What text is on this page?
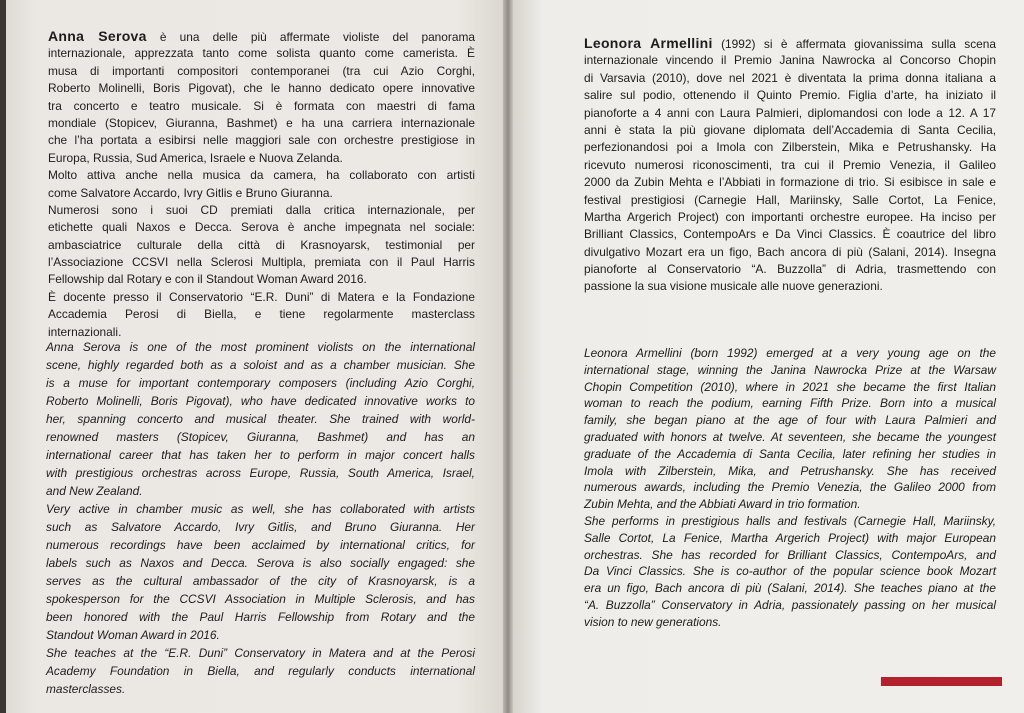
Anna Serova è una delle più affermate violiste del panorama
internazionale, apprezzata tanto come solista quanto come camerista. È
musa di importanti compositori contemporanei (tra cui Azio Corghi,
Roberto Molinelli, Boris Pigovat), che le hanno dedicato opere innovative
tra concerto e teatro musicale. Si è formata con maestri di fama
mondiale (Stopicev, Giuranna, Bashmet) e ha una carriera internazionale
che l’ha portata a esibirsi nelle maggiori sale con orchestre prestigiose in
Europa, Russia, Sud America, Israele e Nuova Zelanda.
Molto attiva anche nella musica da camera, ha collaborato con artisti
come Salvatore Accardo, Ivry Gitlis e Bruno Giuranna.
Numerosi sono i suoi CD premiati dalla critica internazionale, per
etichette quali Naxos e Decca. Serova è anche impegnata nel sociale:
ambasciatrice culturale della città di Krasnoyarsk, testimonial per
l’Associazione CCSVI nella Sclerosi Multipla, premiata con il Paul Harris
Fellowship dal Rotary e con il Standout Woman Award 2016.
È docente presso il Conservatorio “E.R. Duni” di Matera e la Fondazione
Accademia Perosi di Biella, e tiene regolarmente masterclass
internazionali.
Anna Serova is one of the most prominent violists on the international
scene, highly regarded both as a soloist and as a chamber musician. She
is a muse for important contemporary composers (including Azio Corghi,
Roberto Molinelli, Boris Pigovat), who have dedicated innovative works to
her, spanning concerto and musical theater. She trained with world-
renowned masters (Stopicev, Giuranna, Bashmet) and has an
international career that has taken her to perform in major concert halls
with prestigious orchestras across Europe, Russia, South America, Israel,
and New Zealand.
Very active in chamber music as well, she has collaborated with artists
such as Salvatore Accardo, Ivry Gitlis, and Bruno Giuranna. Her
numerous recordings have been acclaimed by international critics, for
labels such as Naxos and Decca. Serova is also socially engaged: she
serves as the cultural ambassador of the city of Krasnoyarsk, is a
spokesperson for the CCSVI Association in Multiple Sclerosis, and has
been honored with the Paul Harris Fellowship from Rotary and the
Standout Woman Award in 2016.
She teaches at the “E.R. Duni” Conservatory in Matera and at the Perosi
Academy Foundation in Biella, and regularly conducts international
masterclasses.
Leonora Armellini (1992) si è affermata giovanissima sulla scena
internazionale vincendo il Premio Janina Nawrocka al Concorso Chopin
di Varsavia (2010), dove nel 2021 è diventata la prima donna italiana a
salire sul podio, ottenendo il Quinto Premio. Figlia d’arte, ha iniziato il
pianoforte a 4 anni con Laura Palmieri, diplomandosi con lode a 12. A 17
anni è stata la più giovane diplomata dell’Accademia di Santa Cecilia,
perfezionandosi poi a Imola con Zilberstein, Mika e Petrushansky. Ha
ricevuto numerosi riconoscimenti, tra cui il Premio Venezia, il Galileo
2000 da Zubin Mehta e l’Abbiati in formazione di trio. Si esibisce in sale e
festival prestigiosi (Carnegie Hall, Mariinsky, Salle Cortot, La Fenice,
Martha Argerich Project) con importanti orchestre europee. Ha inciso per
Brilliant Classics, ContempoArs e Da Vinci Classics. È coautrice del libro
divulgativo Mozart era un figo, Bach ancora di più (Salani, 2014). Insegna
pianoforte al Conservatorio “A. Buzzolla” di Adria, trasmettendo con
passione la sua visione musicale alle nuove generazioni.
Leonora Armellini (born 1992) emerged at a very young age on the
international stage, winning the Janina Nawrocka Prize at the Warsaw
Chopin Competition (2010), where in 2021 she became the first Italian
woman to reach the podium, earning Fifth Prize. Born into a musical
family, she began piano at the age of four with Laura Palmieri and
graduated with honors at twelve. At seventeen, she became the youngest
graduate of the Accademia di Santa Cecilia, later refining her studies in
Imola with Zilberstein, Mika, and Petrushansky. She has received
numerous awards, including the Premio Venezia, the Galileo 2000 from
Zubin Mehta, and the Abbiati Award in trio formation.
She performs in prestigious halls and festivals (Carnegie Hall, Mariinsky,
Salle Cortot, La Fenice, Martha Argerich Project) with major European
orchestras. She has recorded for Brilliant Classics, ContempoArs, and
Da Vinci Classics. She is co-author of the popular science book Mozart
era un figo, Bach ancora di più (Salani, 2014). She teaches piano at the
“A. Buzzolla” Conservatory in Adria, passionately passing on her musical
vision to new generations.
